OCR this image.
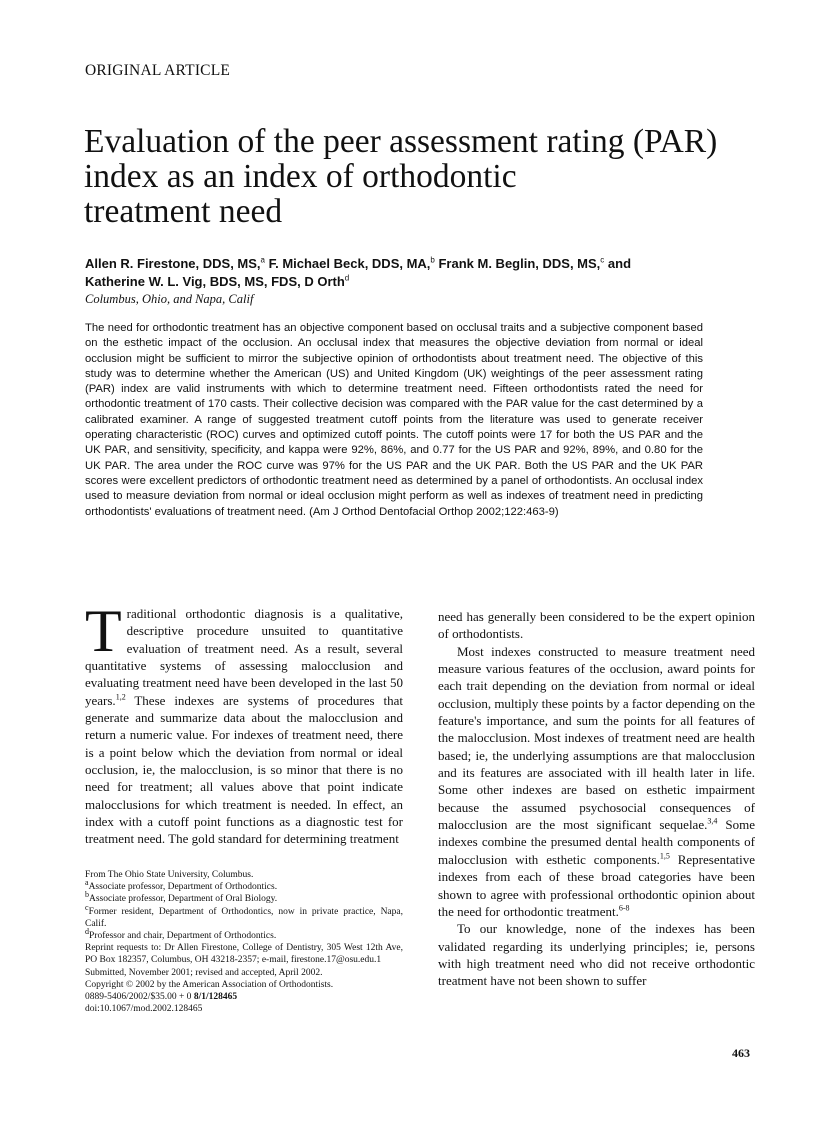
ORIGINAL ARTICLE
Evaluation of the peer assessment rating (PAR)
index as an index of orthodontic
treatment need
Allen R. Firestone, DDS, MS,$^a$ F. Michael Beck, DDS, MA,$^b$ Frank M. Beglin, DDS, MS,$^c$ and
Katherine W. L. Vig, BDS, MS, FDS, D Orth$^d$
Columbus, Ohio, and Napa, Calif

The need for orthodontic treatment has an objective component based on occlusal traits and a subjective component based on the esthetic impact of the occlusion. An occlusal index that measures the objective deviation from normal or ideal occlusion might be sufficient to mirror the subjective opinion of orthodontists about treatment need. The objective of this study was to determine whether the American (US) and United Kingdom (UK) weightings of the peer assessment rating (PAR) index are valid instruments with which to determine treatment need. Fifteen orthodontists rated the need for orthodontic treatment of 170 casts. Their collective decision was compared with the PAR value for the cast determined by a calibrated examiner. A range of suggested treatment cutoff points from the literature was used to generate receiver operating characteristic (ROC) curves and optimized cutoff points. The cutoff points were 17 for both the US PAR and the UK PAR, and sensitivity, specificity, and kappa were 92%, 86%, and 0.77 for the US PAR and 92%, 89%, and 0.80 for the UK PAR. The area under the ROC curve was 97% for the US PAR and the UK PAR. Both the US PAR and the UK PAR scores were excellent predictors of orthodontic treatment need as determined by a panel of orthodontists. An occlusal index used to measure deviation from normal or ideal occlusion might perform as well as indexes of treatment need in predicting orthodontists' evaluations of treatment need. (Am J Orthod Dentofacial Orthop 2002;122:463-9)

Traditional orthodontic diagnosis is a qualitative, descriptive procedure unsuited to quantitative evaluation of treatment need. As a result, several quantitative systems of assessing malocclusion and evaluating treatment need have been developed in the last 50 years.$^{1,2}$ These indexes are systems of procedures that generate and summarize data about the malocclusion and return a numeric value. For indexes of treatment need, there is a point below which the deviation from normal or ideal occlusion, ie, the malocclusion, is so minor that there is no need for treatment; all values above that point indicate malocclusions for which treatment is needed. In effect, an index with a cutoff point functions as a diagnostic test for treatment need. The gold standard for determining treatment

From The Ohio State University, Columbus.
$^a$Associate professor, Department of Orthodontics.
$^b$Associate professor, Department of Oral Biology.
$^c$Former resident, Department of Orthodontics, now in private practice, Napa, Calif.
$^d$Professor and chair, Department of Orthodontics.
Reprint requests to: Dr Allen Firestone, College of Dentistry, 305 West 12th Ave, PO Box 182357, Columbus, OH 43218-2357; e-mail, firestone.17@osu.edu.1
Submitted, November 2001; revised and accepted, April 2002.
Copyright © 2002 by the American Association of Orthodontists.
0889-5406/2002/$35.00 + 0 8/1/128465
doi:10.1067/mod.2002.128465

need has generally been considered to be the expert opinion of orthodontists.

Most indexes constructed to measure treatment need measure various features of the occlusion, award points for each trait depending on the deviation from normal or ideal occlusion, multiply these points by a factor depending on the feature's importance, and sum the points for all features of the malocclusion. Most indexes of treatment need are health based; ie, the underlying assumptions are that malocclusion and its features are associated with ill health later in life. Some other indexes are based on esthetic impairment because the assumed psychosocial consequences of malocclusion are the most significant sequelae.$^{3,4}$ Some indexes combine the presumed dental health components of malocclusion with esthetic components.$^{1,5}$ Representative indexes from each of these broad categories have been shown to agree with professional orthodontic opinion about the need for orthodontic treatment.$^{6-8}$

To our knowledge, none of the indexes has been validated regarding its underlying principles; ie, persons with high treatment need who did not receive orthodontic treatment have not been shown to suffer

463
